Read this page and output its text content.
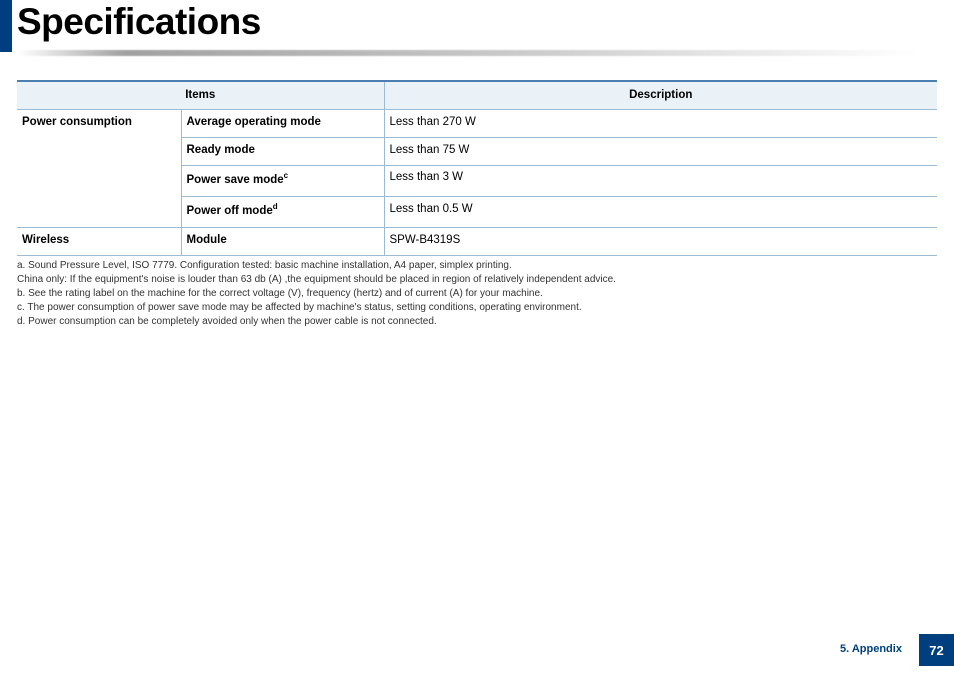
Specifications
Items		Description
Power consumption	Average operating mode	Less than 270 W
	Ready mode	Less than 75 W
	Power save mode$^c$	Less than 3 W
	Power off mode$^d$	Less than 0.5 W
Wireless	Module	SPW-B4319S
a. Sound Pressure Level, ISO 7779. Configuration tested: basic machine installation, A4 paper, simplex printing.
China only: If the equipment's noise is louder than 63 db (A) ,the equipment should be placed in region of relatively independent advice.
b. See the rating label on the machine for the correct voltage (V), frequency (hertz) and of current (A) for your machine.
c. The power consumption of power save mode may be affected by machine's status, setting conditions, operating environment.
d. Power consumption can be completely avoided only when the power cable is not connected.
5. Appendix	72
